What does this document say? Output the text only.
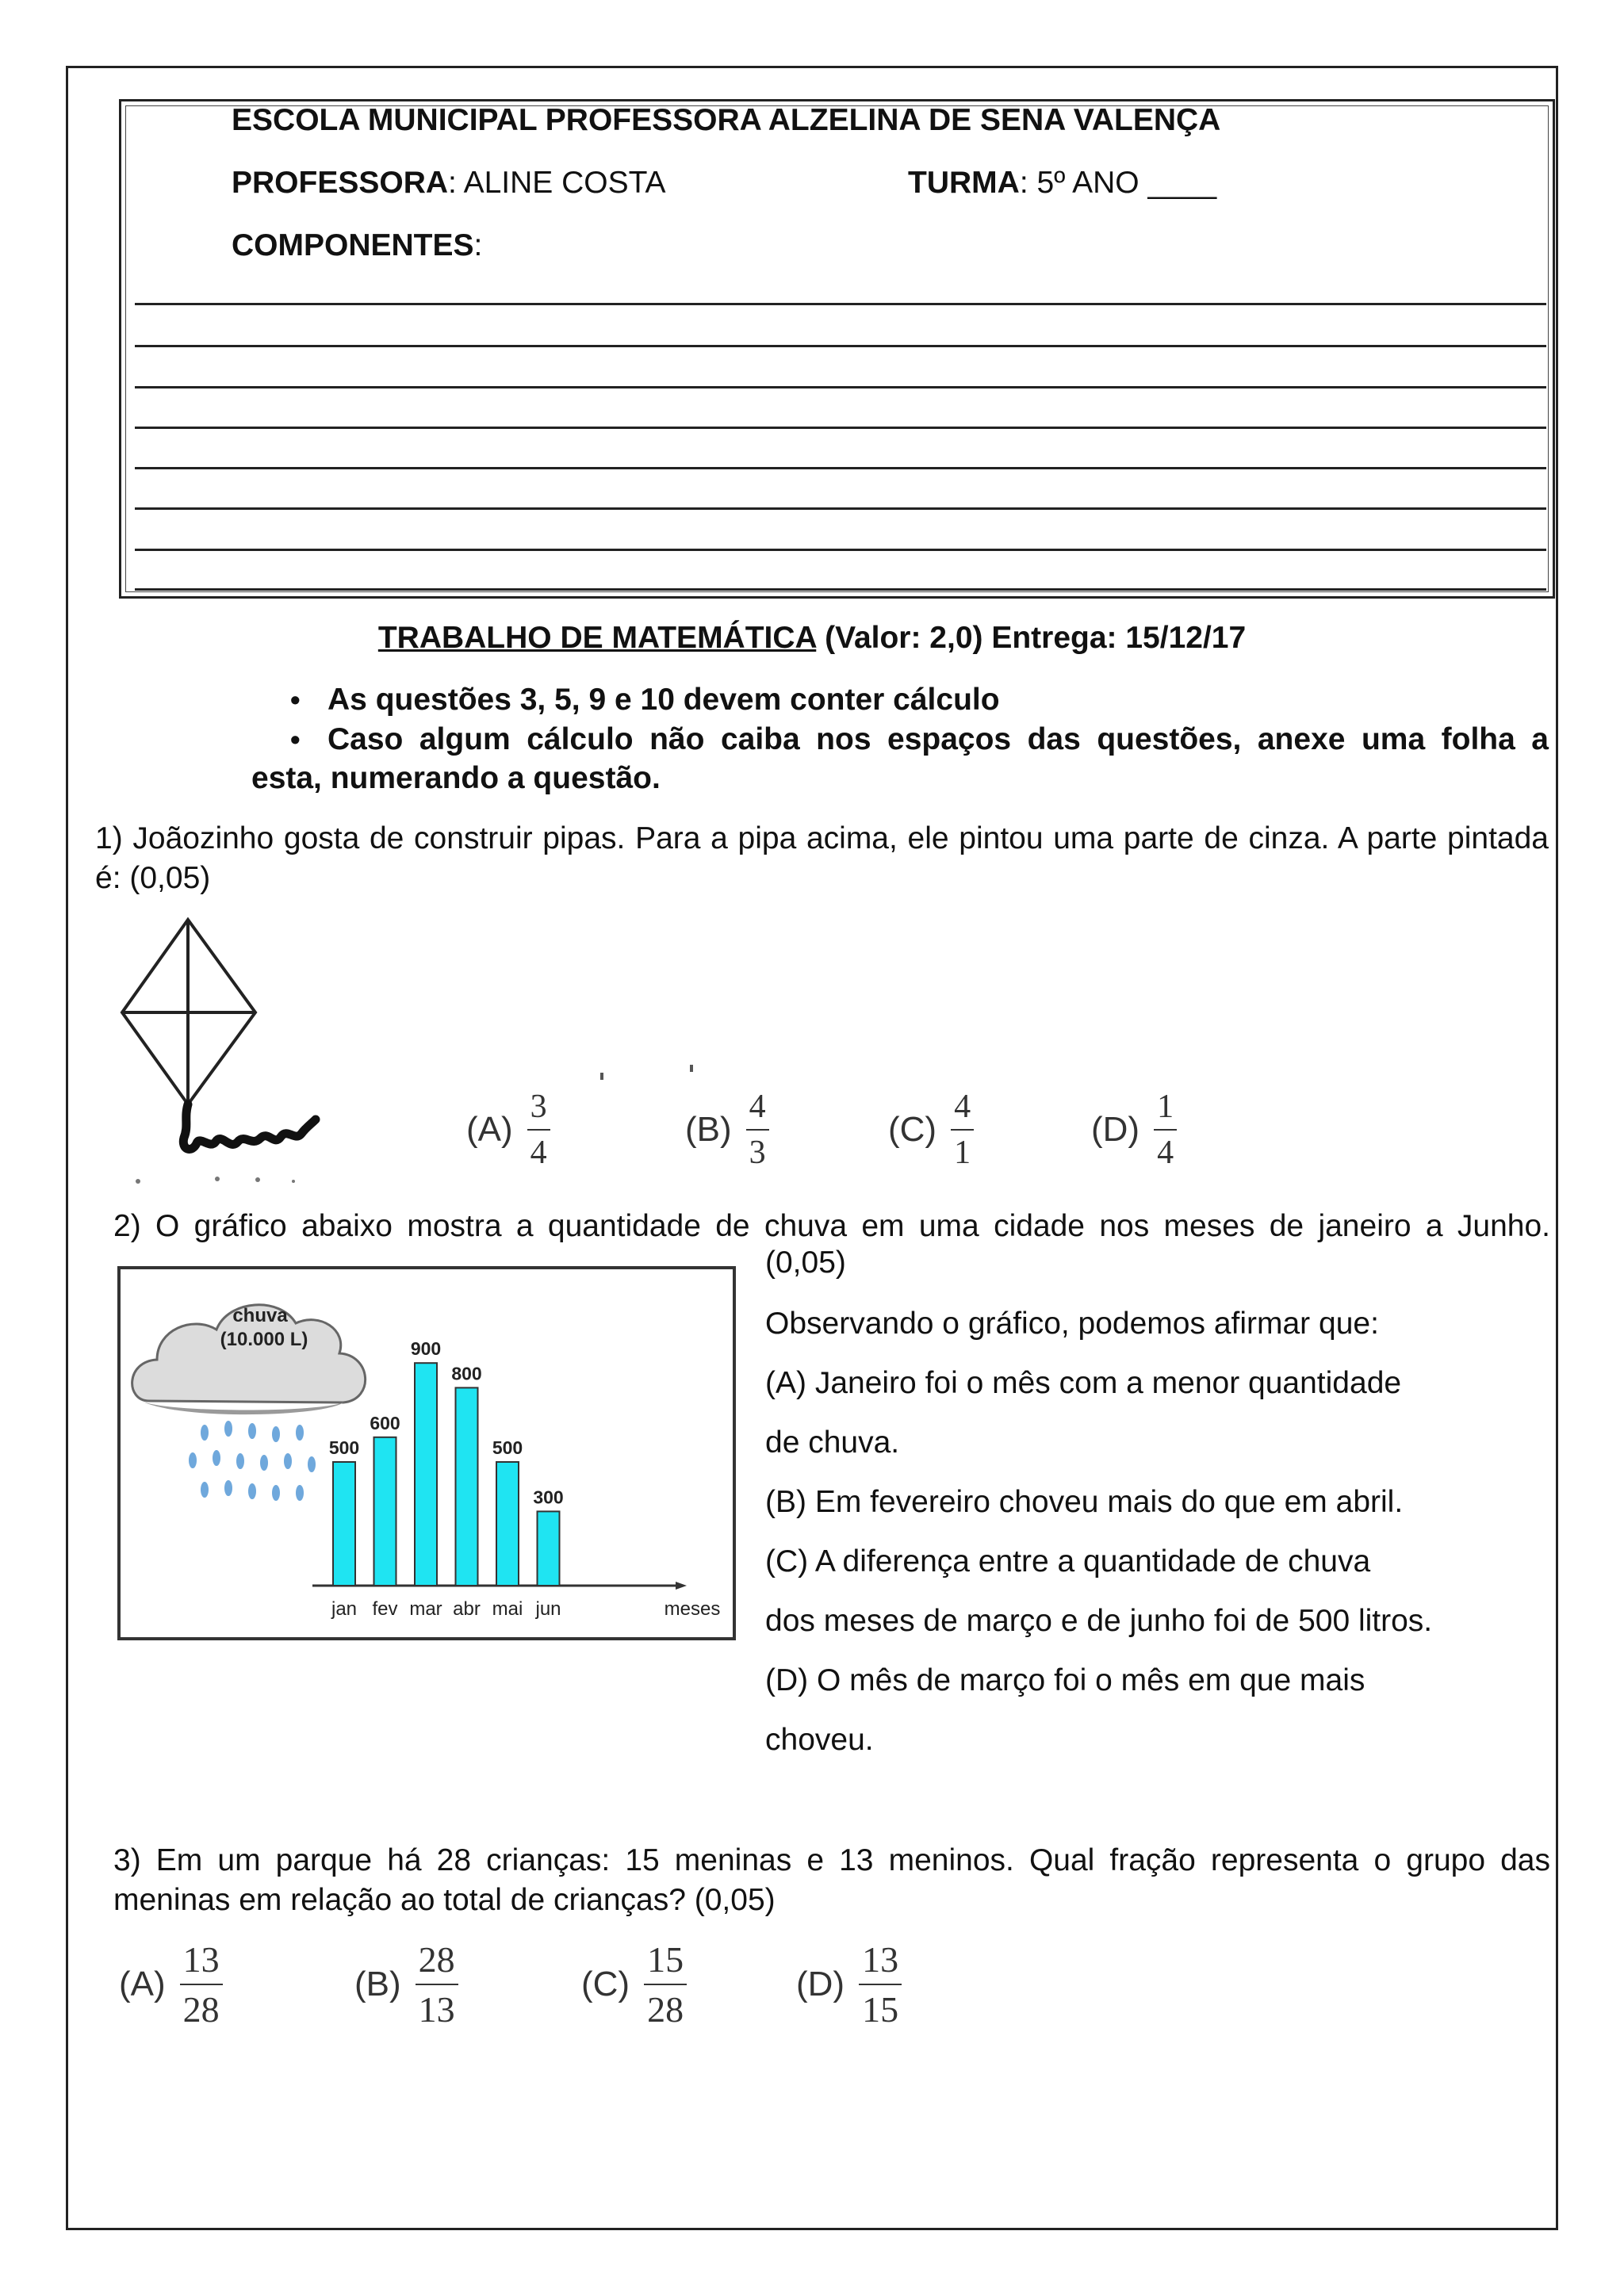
ESCOLA MUNICIPAL PROFESSORA ALZELINA DE SENA VALENÇA
PROFESSORA: ALINE COSTA	TURMA: 5º ANO ____
COMPONENTES:
TRABALHO DE MATEMÁTICA (Valor: 2,0) Entrega: 15/12/17
• As questões 3, 5, 9 e 10 devem conter cálculo
• Caso algum cálculo não caiba nos espaços das questões, anexe uma folha a
esta, numerando a questão.
1) Joãozinho gosta de construir pipas. Para a pipa acima, ele pintou uma parte de cinza. A parte pintada é: (0,05)
$(A) \frac{3}{4}$	$(B) \frac{4}{3}$	$(C) \frac{4}{1}$	$(D) \frac{1}{4}$
2) O gráfico abaixo mostra a quantidade de chuva em uma cidade nos meses de janeiro a Junho.
(0,05)
Observando o gráfico, podemos afirmar que:
(A) Janeiro foi o mês com a menor quantidade
de chuva.
(B) Em fevereiro choveu mais do que em abril.
(C) A diferença entre a quantidade de chuva
dos meses de março e de junho foi de 500 litros.
(D) O mês de março foi o mês em que mais
choveu.
chuva
(10.000 L)
meses
500
jan
600
fev
900
mar
800
abr
500
mai
300
jun
3) Em um parque há 28 crianças: 15 meninas e 13 meninos. Qual fração representa o grupo das meninas em relação ao total de crianças? (0,05)
$(A) \frac{13}{28}$	$(B) \frac{28}{13}$	$(C) \frac{15}{28}$	$(D) \frac{13}{15}$
